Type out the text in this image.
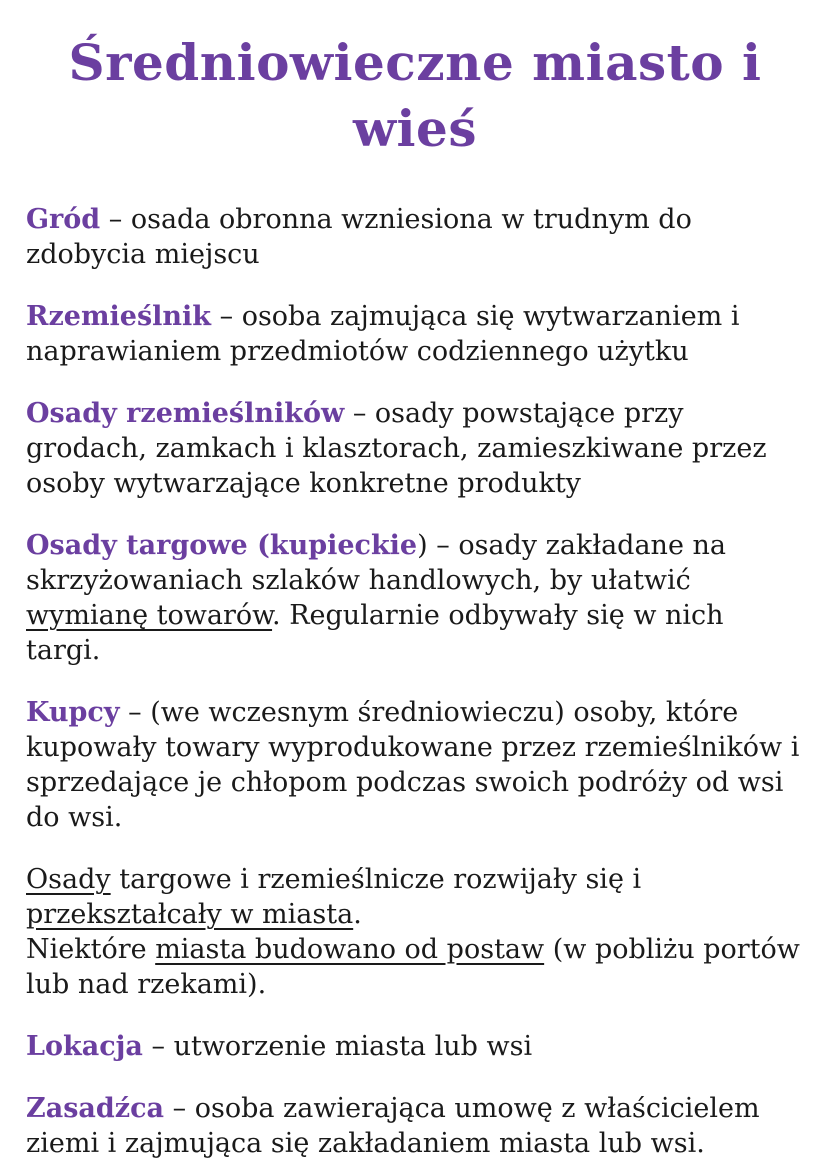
Średniowieczne miasto i
wieś

Gród – osada obronna wzniesiona w trudnym do zdobycia miejscu

Rzemieślnik – osoba zajmująca się wytwarzaniem i naprawianiem przedmiotów codziennego użytku

Osady rzemieślników – osady powstające przy grodach, zamkach i klasztorach, zamieszkiwane przez osoby wytwarzające konkretne produkty

Osady targowe (kupieckie) – osady zakładane na skrzyżowaniach szlaków handlowych, by ułatwić wymianę towarów. Regularnie odbywały się w nich targi.

Kupcy – (we wczesnym średniowieczu) osoby, które kupowały towary wyprodukowane przez rzemieślników i sprzedające je chłopom podczas swoich podróży od wsi do wsi.

Osady targowe i rzemieślnicze rozwijały się i przekształcały w miasta.
Niektóre miasta budowano od postaw (w pobliżu portów lub nad rzekami).

Lokacja – utworzenie miasta lub wsi

Zasadźca – osoba zawierająca umowę z właścicielem ziemi i zajmująca się zakładaniem miasta lub wsi.
